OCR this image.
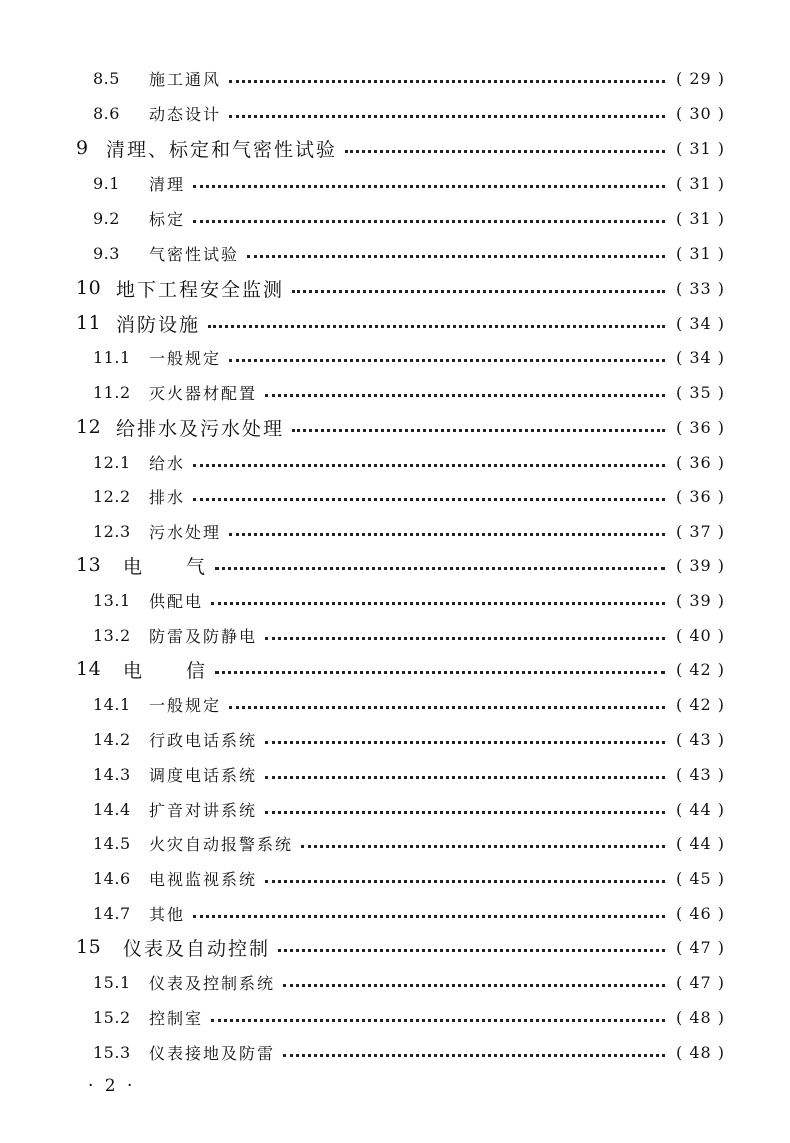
8.5	施工通风	( 29 )
8.6	动态设计	( 30 )
9 清理、标定和气密性试验	( 31 )
9.1	清理	( 31 )
9.2	标定	( 31 )
9.3	气密性试验	( 31 )
10 地下工程安全监测	( 33 )
11 消防设施	( 34 )
11.1	一般规定	( 34 )
11.2	灭火器材配置	( 35 )
12 给排水及污水处理	( 36 )
12.1	给水	( 36 )
12.2	排水	( 36 )
12.3	污水处理	( 37 )
13	电　　气	( 39 )
13.1	供配电	( 39 )
13.2	防雷及防静电	( 40 )
14	电　　信	( 42 )
14.1	一般规定	( 42 )
14.2	行政电话系统	( 43 )
14.3	调度电话系统	( 43 )
14.4	扩音对讲系统	( 44 )
14.5	火灾自动报警系统	( 44 )
14.6	电视监视系统	( 45 )
14.7	其他	( 46 )
15	仪表及自动控制	( 47 )
15.1	仪表及控制系统	( 47 )
15.2	控制室	( 48 )
15.3	仪表接地及防雷	( 48 )
· 2 ·
